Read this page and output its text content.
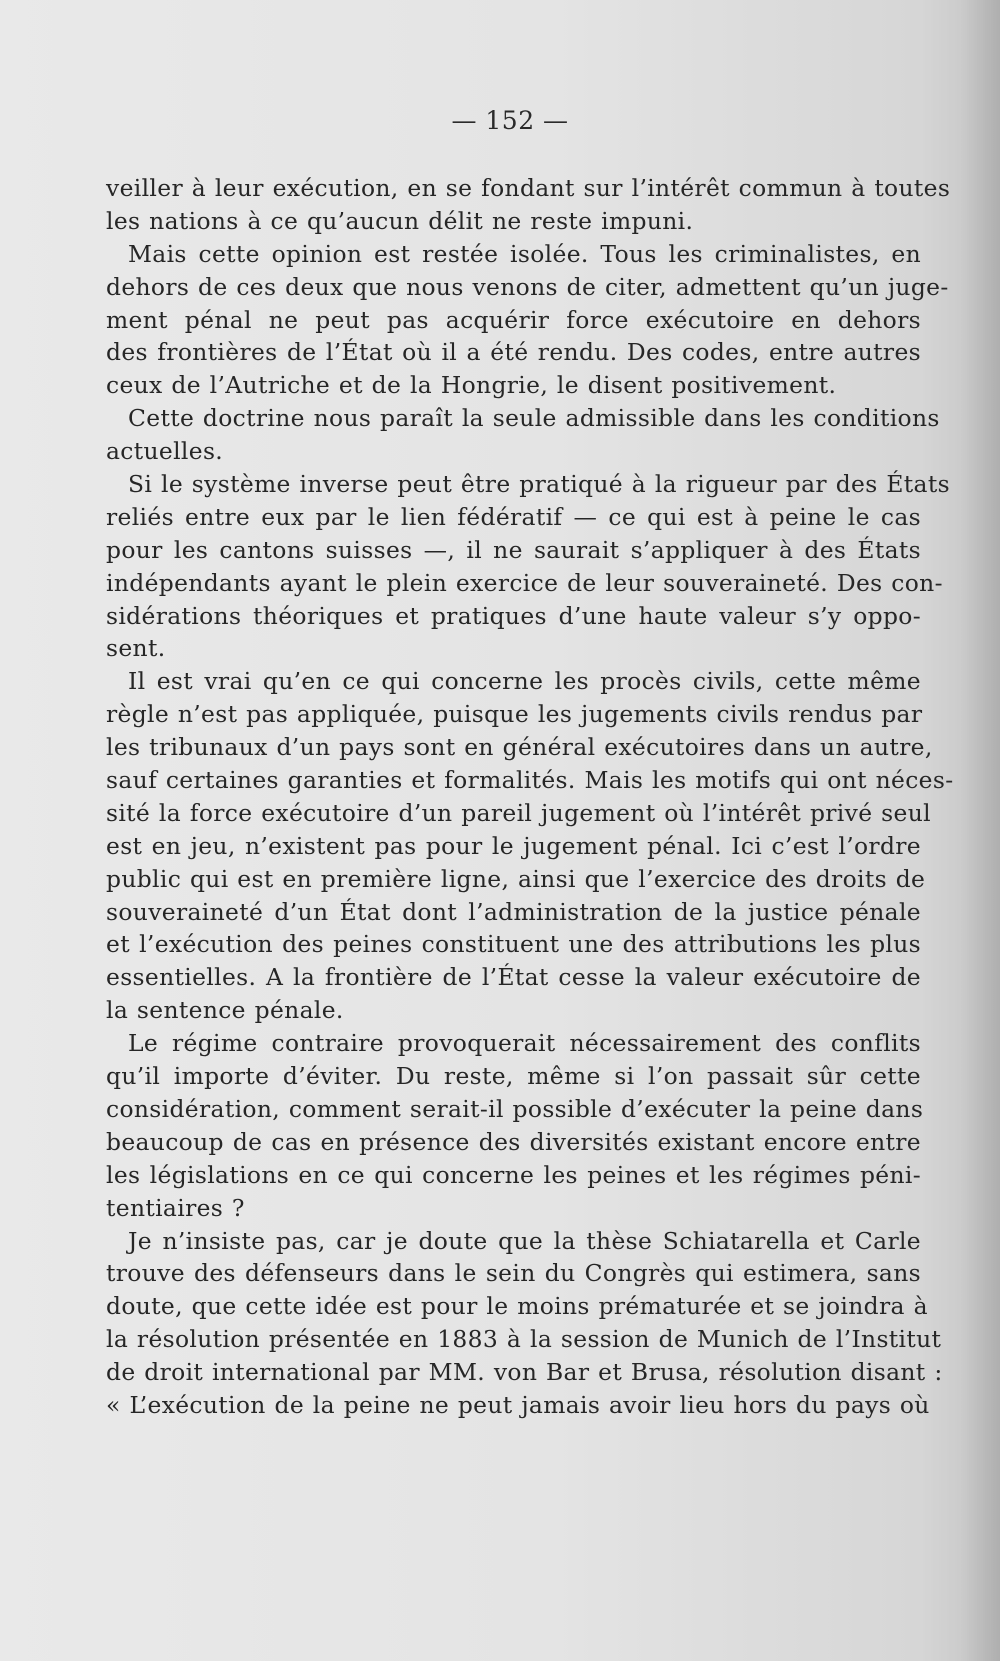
— 152 —
veiller à leur exécution, en se fondant sur l’intérêt commun à toutes
les nations à ce qu’aucun délit ne reste impuni.
Mais cette opinion est restée isolée. Tous les criminalistes, en
dehors de ces deux que nous venons de citer, admettent qu’un juge-
ment pénal ne peut pas acquérir force exécutoire en dehors
des frontières de l’État où il a été rendu. Des codes, entre autres
ceux de l’Autriche et de la Hongrie, le disent positivement.
Cette doctrine nous paraît la seule admissible dans les conditions
actuelles.
Si le système inverse peut être pratiqué à la rigueur par des États
reliés entre eux par le lien fédératif — ce qui est à peine le cas
pour les cantons suisses —, il ne saurait s’appliquer à des États
indépendants ayant le plein exercice de leur souveraineté. Des con-
sidérations théoriques et pratiques d’une haute valeur s’y oppo-
sent.
Il est vrai qu’en ce qui concerne les procès civils, cette même
règle n’est pas appliquée, puisque les jugements civils rendus par
les tribunaux d’un pays sont en général exécutoires dans un autre,
sauf certaines garanties et formalités. Mais les motifs qui ont néces-
sité la force exécutoire d’un pareil jugement où l’intérêt privé seul
est en jeu, n’existent pas pour le jugement pénal. Ici c’est l’ordre
public qui est en première ligne, ainsi que l’exercice des droits de
souveraineté d’un État dont l’administration de la justice pénale
et l’exécution des peines constituent une des attributions les plus
essentielles. A la frontière de l’État cesse la valeur exécutoire de
la sentence pénale.
Le régime contraire provoquerait nécessairement des conflits
qu’il importe d’éviter. Du reste, même si l’on passait sûr cette
considération, comment serait-il possible d’exécuter la peine dans
beaucoup de cas en présence des diversités existant encore entre
les législations en ce qui concerne les peines et les régimes péni-
tentiaires ?
Je n’insiste pas, car je doute que la thèse Schiatarella et Carle
trouve des défenseurs dans le sein du Congrès qui estimera, sans
doute, que cette idée est pour le moins prématurée et se joindra à
la résolution présentée en 1883 à la session de Munich de l’Institut
de droit international par MM. von Bar et Brusa, résolution disant :
« L’exécution de la peine ne peut jamais avoir lieu hors du pays où
